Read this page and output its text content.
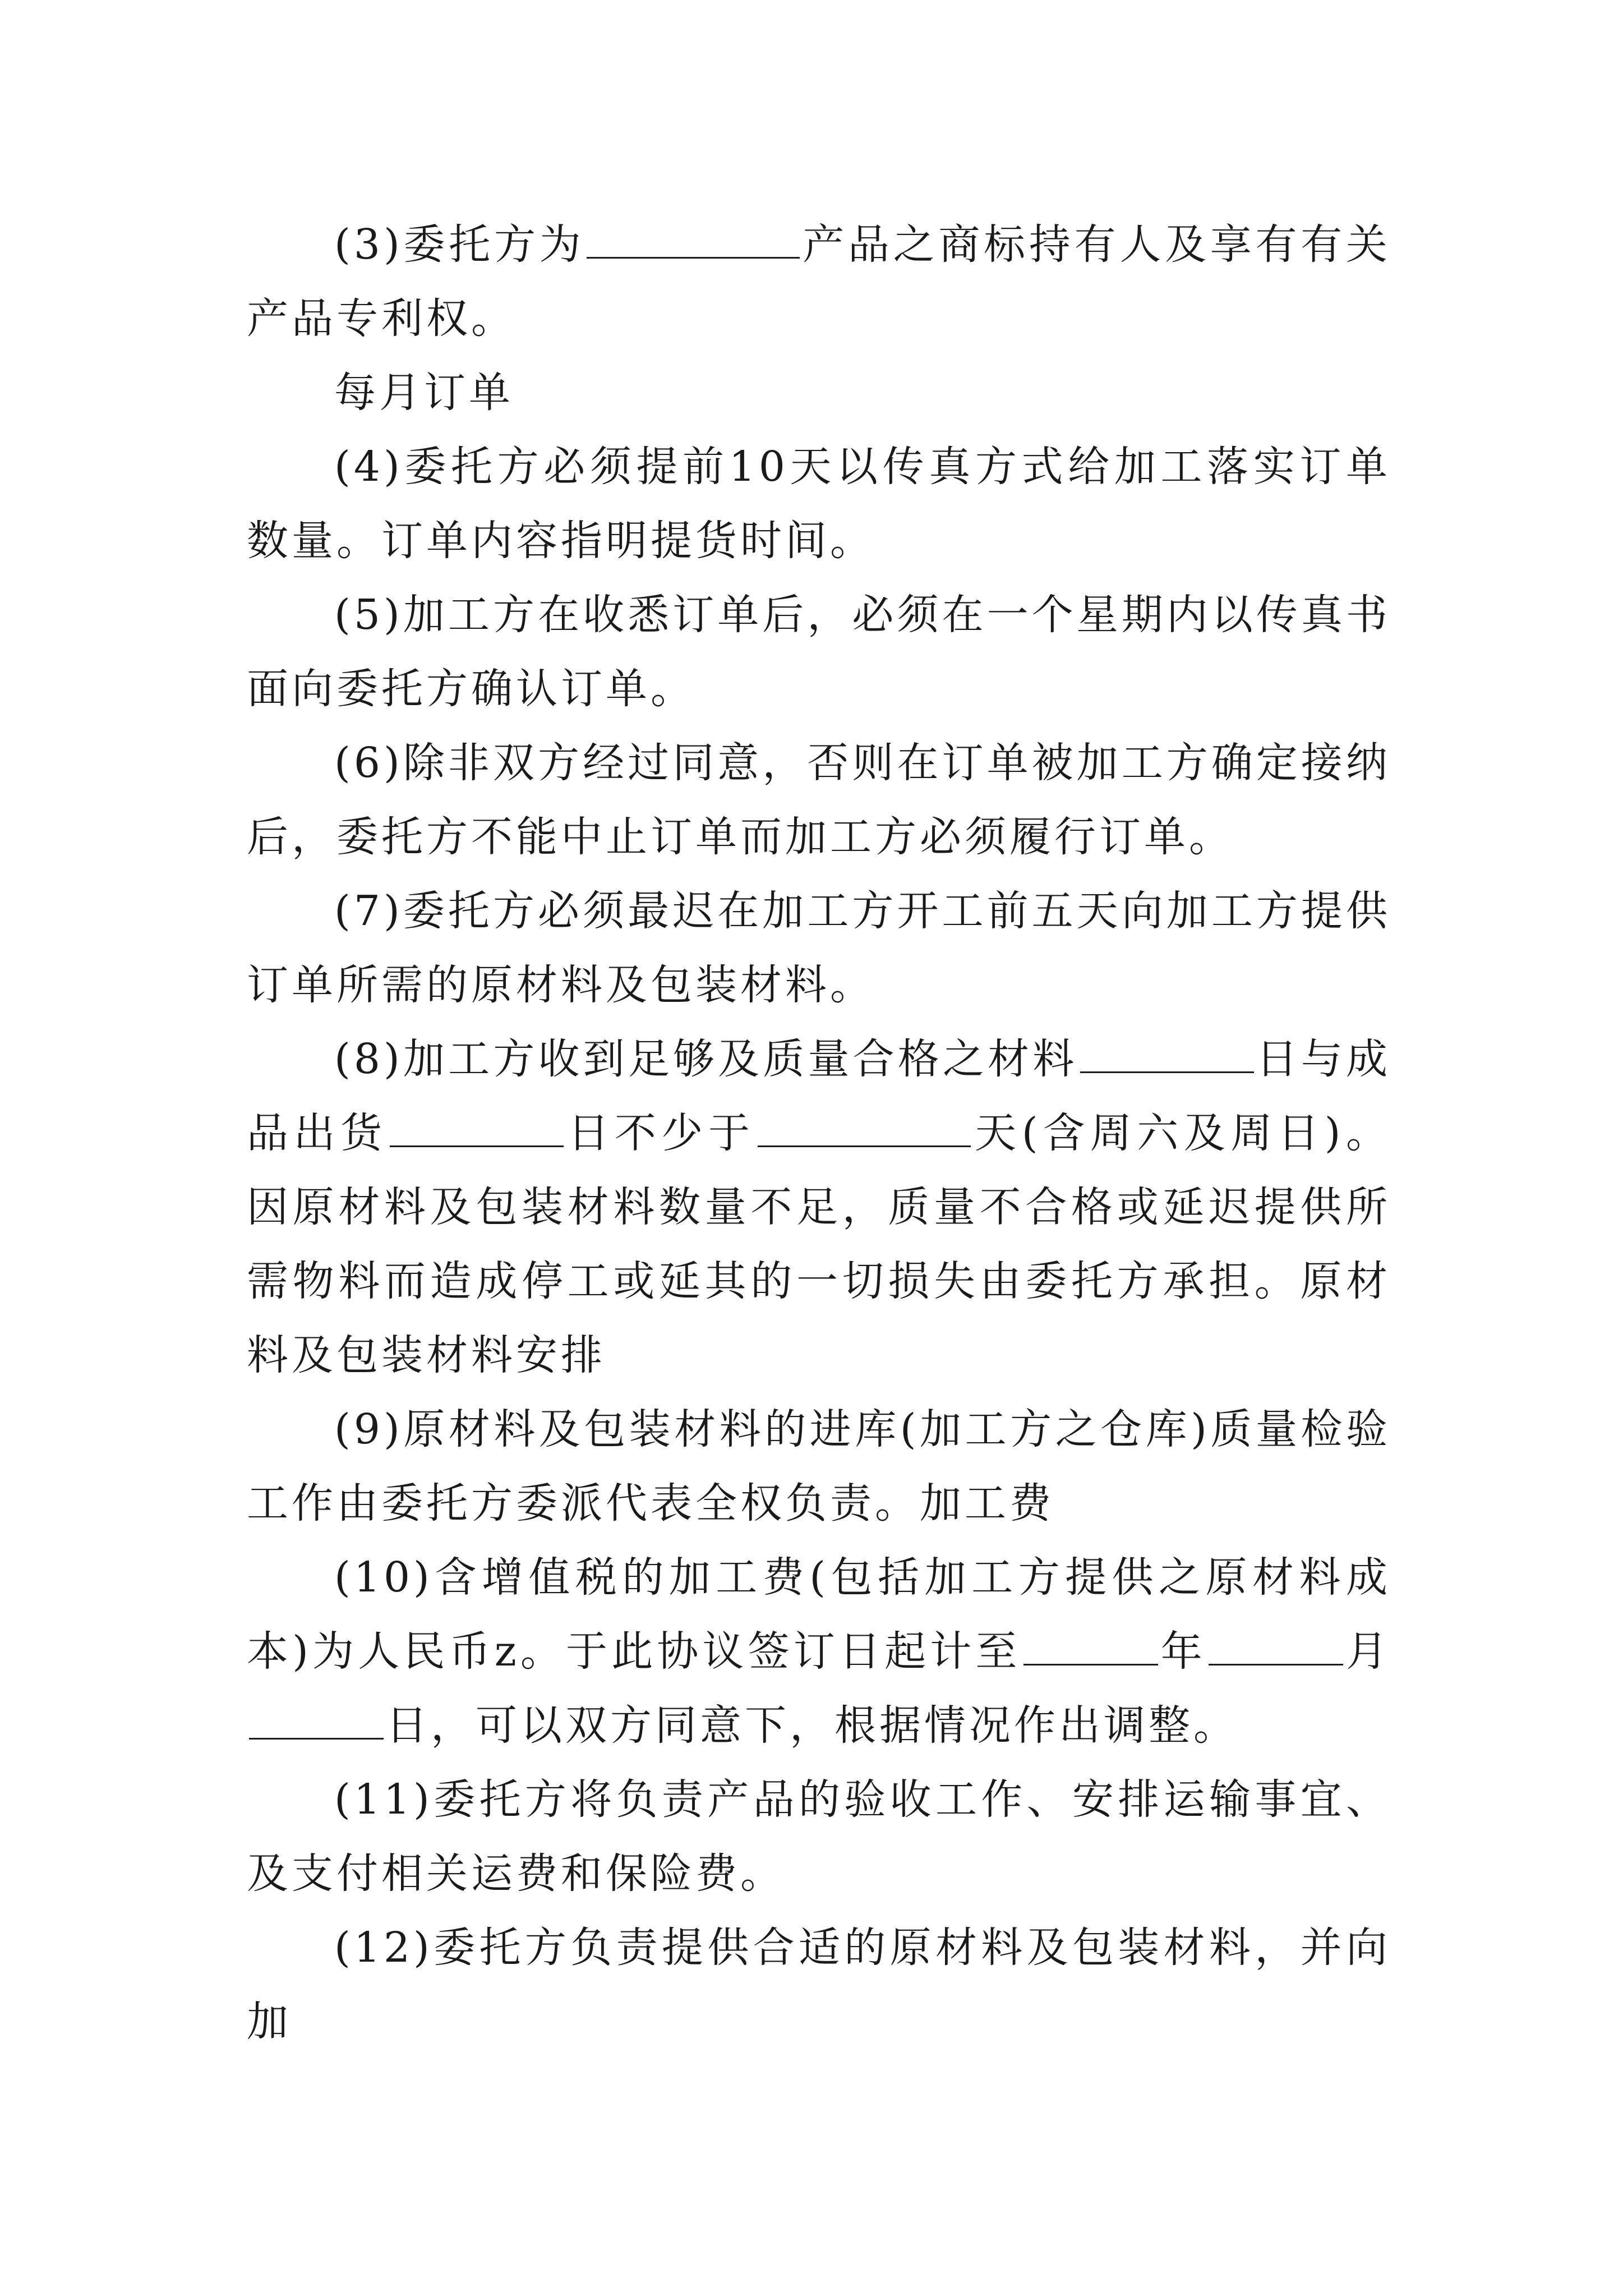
(3)委托方为	产品之商标持有人及享有有关产品专利权。

每月订单

(4)委托方必须提前10天以传真方式给加工落实订单数量。订单内容指明提货时间。

(5)加工方在收悉订单后，必须在一个星期内以传真书面向委托方确认订单。

(6)除非双方经过同意，否则在订单被加工方确定接纳后，委托方不能中止订单而加工方必须履行订单。

(7)委托方必须最迟在加工方开工前五天向加工方提供订单所需的原材料及包装材料。

(8)加工方收到足够及质量合格之材料	日与成品出货	日不少于	天(含周六及周日)。因原材料及包装材料数量不足，质量不合格或延迟提供所需物料而造成停工或延其的一切损失由委托方承担。原材料及包装材料安排

(9)原材料及包装材料的进库(加工方之仓库)质量检验工作由委托方委派代表全权负责。加工费

(10)含增值税的加工费(包括加工方提供之原材料成本)为人民币z。于此协议签订日起计至	年	月日，可以双方同意下，根据情况作出调整。

(11)委托方将负责产品的验收工作、安排运输事宜、及支付相关运费和保险费。

(12)委托方负责提供合适的原材料及包装材料，并向加
